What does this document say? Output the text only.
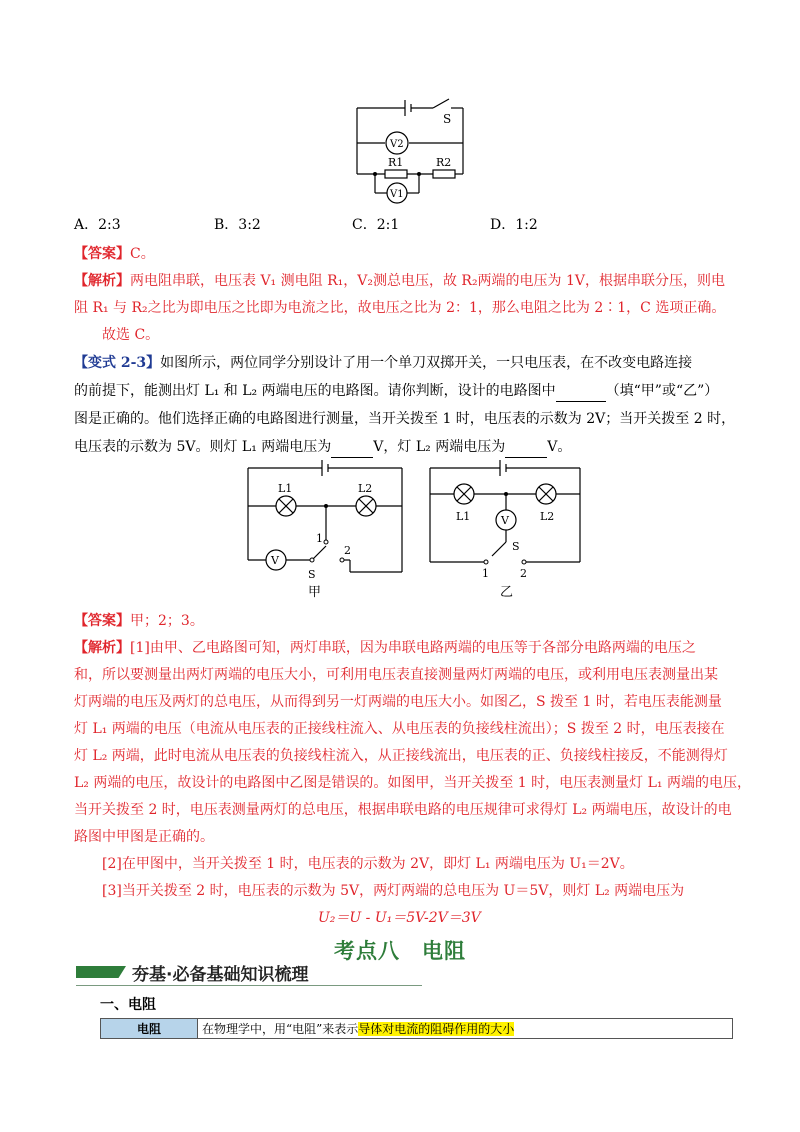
S
V2
R1	R2
V1
A．2:3	B．3:2	C．2:1	D．1:2
【答案】C。
【解析】两电阻串联，电压表 V₁ 测电阻 R₁，V₂测总电压，故 R₂两端的电压为 1V，根据串联分压，则电
阻 R₁ 与 R₂之比为即电压之比即为电流之比，故电压之比为 2：1，那么电阻之比为 2∶1，C 选项正确。
故选 C。
【变式 2-3】如图所示，两位同学分别设计了用一个单刀双掷开关，一只电压表，在不改变电路连接
的前提下，能测出灯 L₁ 和 L₂ 两端电压的电路图。请你判断，设计的电路图中	（填“甲”或“乙”）
图是正确的。他们选择正确的电路图进行测量，当开关拨至 1 时，电压表的示数为 2V；当开关拨至 2 时，
电压表的示数为 5V。则灯 L₁ 两端电压为	V，灯 L₂ 两端电压为	V。
L1	L2
V
1
2
S
甲
L1	L2
V
S
1	2
乙
【答案】甲；2；3。
【解析】[1]由甲、乙电路图可知，两灯串联，因为串联电路两端的电压等于各部分电路两端的电压之
和，所以要测量出两灯两端的电压大小，可利用电压表直接测量两灯两端的电压，或利用电压表测量出某
灯两端的电压及两灯的总电压，从而得到另一灯两端的电压大小。如图乙，S 拨至 1 时，若电压表能测量
灯 L₁ 两端的电压（电流从电压表的正接线柱流入、从电压表的负接线柱流出）；S 拨至 2 时，电压表接在
灯 L₂ 两端，此时电流从电压表的负接线柱流入，从正接线流出，电压表的正、负接线柱接反，不能测得灯
L₂ 两端的电压，故设计的电路图中乙图是错误的。如图甲，当开关拨至 1 时，电压表测量灯 L₁ 两端的电压，
当开关拨至 2 时，电压表测量两灯的总电压，根据串联电路的电压规律可求得灯 L₂ 两端电压，故设计的电
路图中甲图是正确的。
[2]在甲图中，当开关拨至 1 时，电压表的示数为 2V，即灯 L₁ 两端电压为 U₁＝2V。
[3]当开关拨至 2 时，电压表的示数为 5V，两灯两端的总电压为 U＝5V，则灯 L₂ 两端电压为
U₂＝U - U₁＝5V-2V＝3V
考点八　电阻
夯基·必备基础知识梳理
一、电阻
电阻	在物理学中，用“电阻”来表示导体对电流的阻碍作用的大小
